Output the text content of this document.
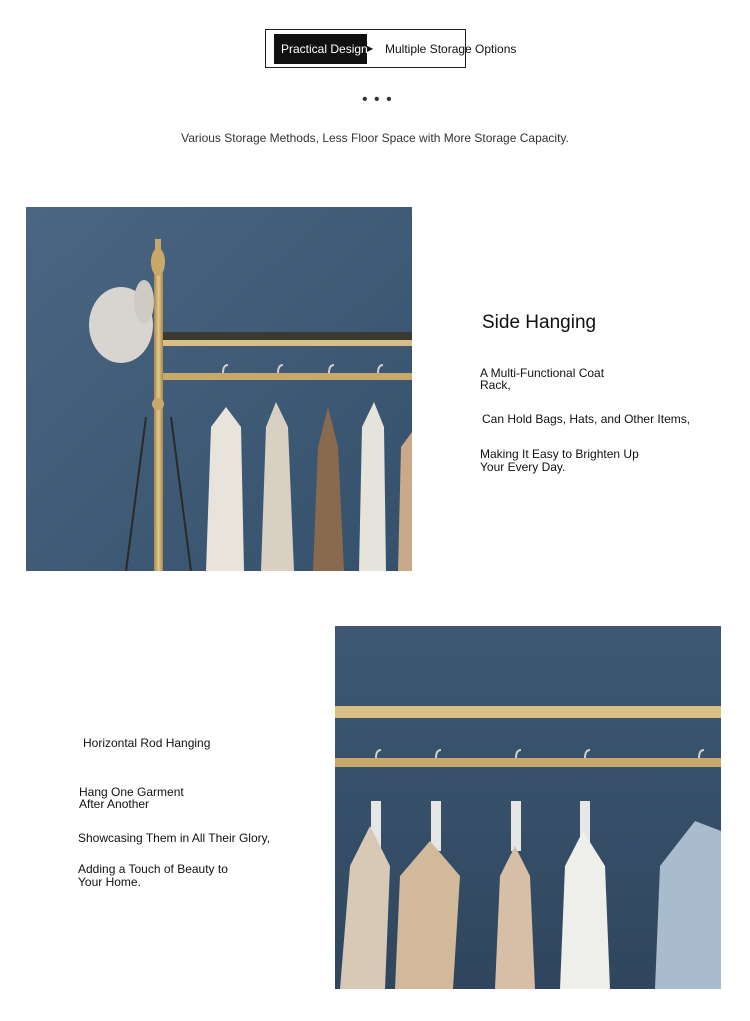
Practical Design ▶ Multiple Storage Options
• • •
Various Storage Methods, Less Floor Space with More Storage Capacity.
Side Hanging
A Multi-Functional Coat Rack,
Can Hold Bags, Hats, and Other Items,
Making It Easy to Brighten Up Your Every Day.
Horizontal Rod Hanging
Hang One Garment After Another
Showcasing Them in All Their Glory,
Adding a Touch of Beauty to Your Home.
